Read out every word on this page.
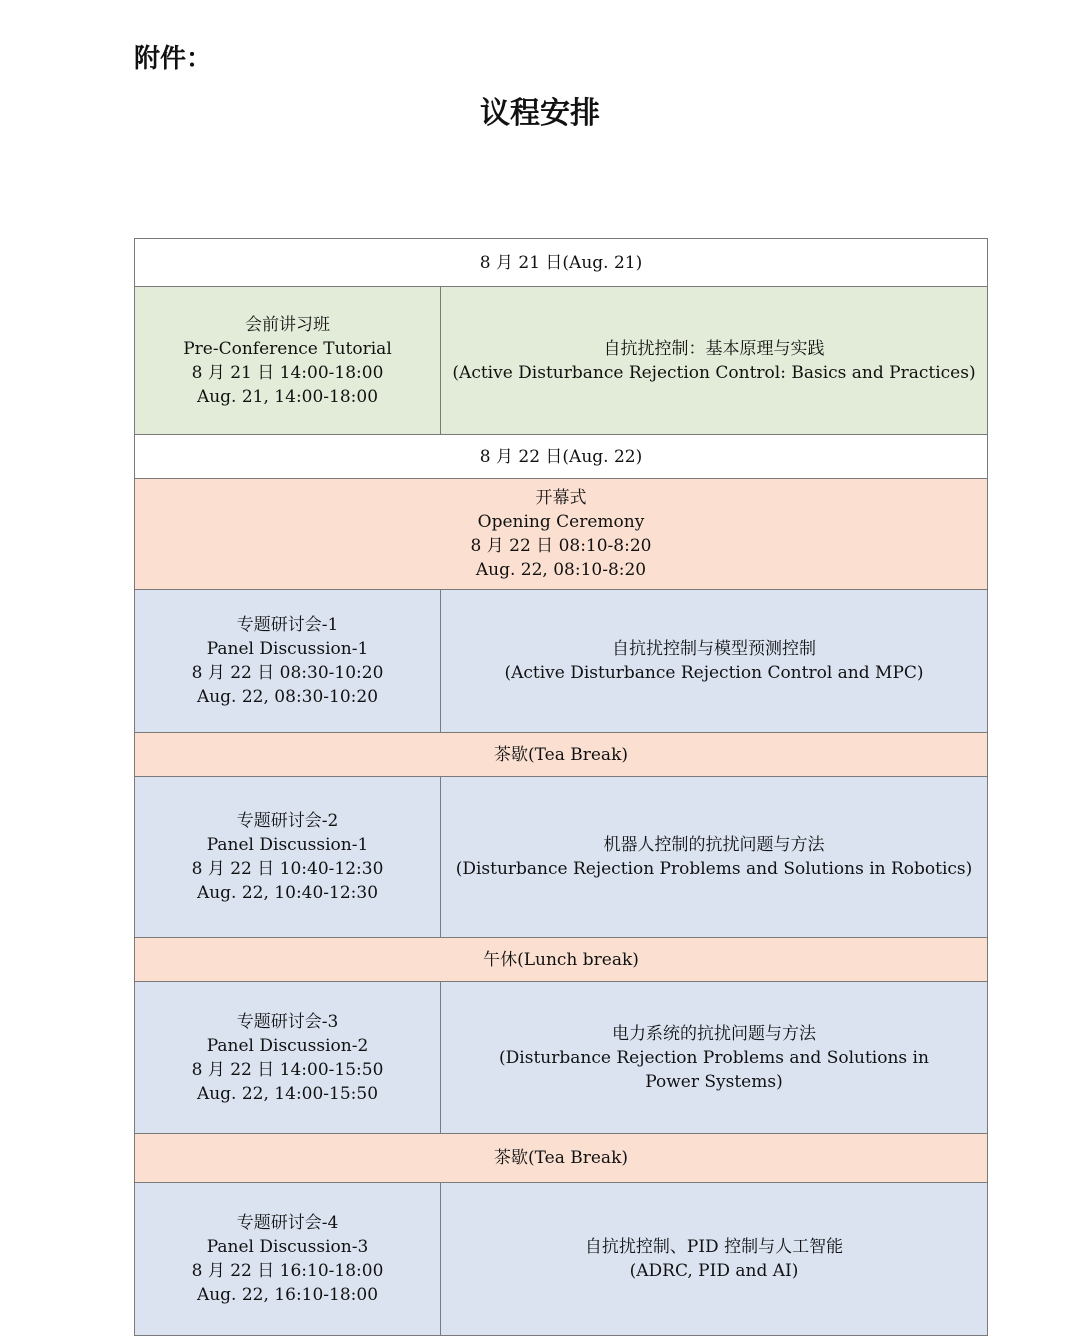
附件：
议程安排
8 月 21 日(Aug. 21)	

会前讲习班
Pre-Conference Tutorial
8 月 21 日 14:00-18:00
Aug. 21, 14:00-18:00	自抗扰控制：基本原理与实践
(Active Disturbance Rejection Control: Basics and Practices)

8 月 22 日(Aug. 22)	

开幕式
Opening Ceremony
8 月 22 日 08:10-8:20
Aug. 22, 08:10-8:20	

专题研讨会-1
Panel Discussion-1
8 月 22 日 08:30-10:20
Aug. 22, 08:30-10:20	自抗扰控制与模型预测控制
(Active Disturbance Rejection Control and MPC)

茶歇(Tea Break)	

专题研讨会-2
Panel Discussion-1
8 月 22 日 10:40-12:30
Aug. 22, 10:40-12:30	机器人控制的抗扰问题与方法
(Disturbance Rejection Problems and Solutions in Robotics)

午休(Lunch break)	

专题研讨会-3
Panel Discussion-2
8 月 22 日 14:00-15:50
Aug. 22, 14:00-15:50	电力系统的抗扰问题与方法
(Disturbance Rejection Problems and Solutions in Power Systems)

茶歇(Tea Break)	

专题研讨会-4
Panel Discussion-3
8 月 22 日 16:10-18:00
Aug. 22, 16:10-18:00	自抗扰控制、PID 控制与人工智能
(ADRC, PID and AI)
